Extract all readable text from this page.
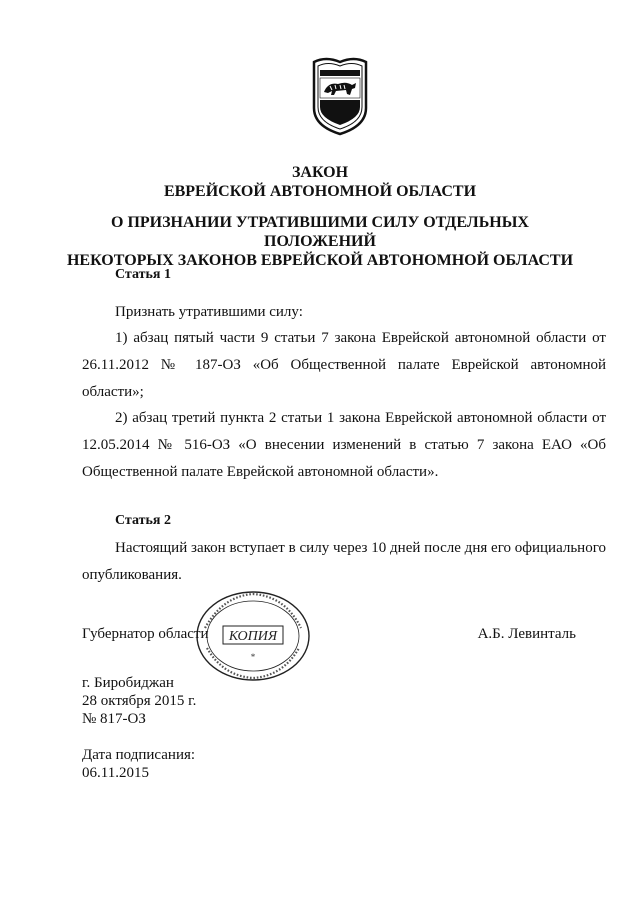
ЗАКОН
ЕВРЕЙСКОЙ АВТОНОМНОЙ ОБЛАСТИ
О ПРИЗНАНИИ УТРАТИВШИМИ СИЛУ ОТДЕЛЬНЫХ ПОЛОЖЕНИЙ
НЕКОТОРЫХ ЗАКОНОВ ЕВРЕЙСКОЙ АВТОНОМНОЙ ОБЛАСТИ
Статья 1
Признать утратившими силу:
1) абзац пятый части 9 статьи 7 закона Еврейской автономной области от 26.11.2012 № 187-ОЗ «Об Общественной палате Еврейской автономной области»;
2) абзац третий пункта 2 статьи 1 закона Еврейской автономной области от 12.05.2014 № 516-ОЗ «О внесении изменений в статью 7 закона ЕАО «Об Общественной палате Еврейской автономной области».
Статья 2
Настоящий закон вступает в силу через 10 дней после дня его официального опубликования.
КОПИЯ
*
Губернатор области	А.Б. Левинталь
г. Биробиджан
28 октября 2015 г.
№ 817-ОЗ
Дата подписания:
06.11.2015
